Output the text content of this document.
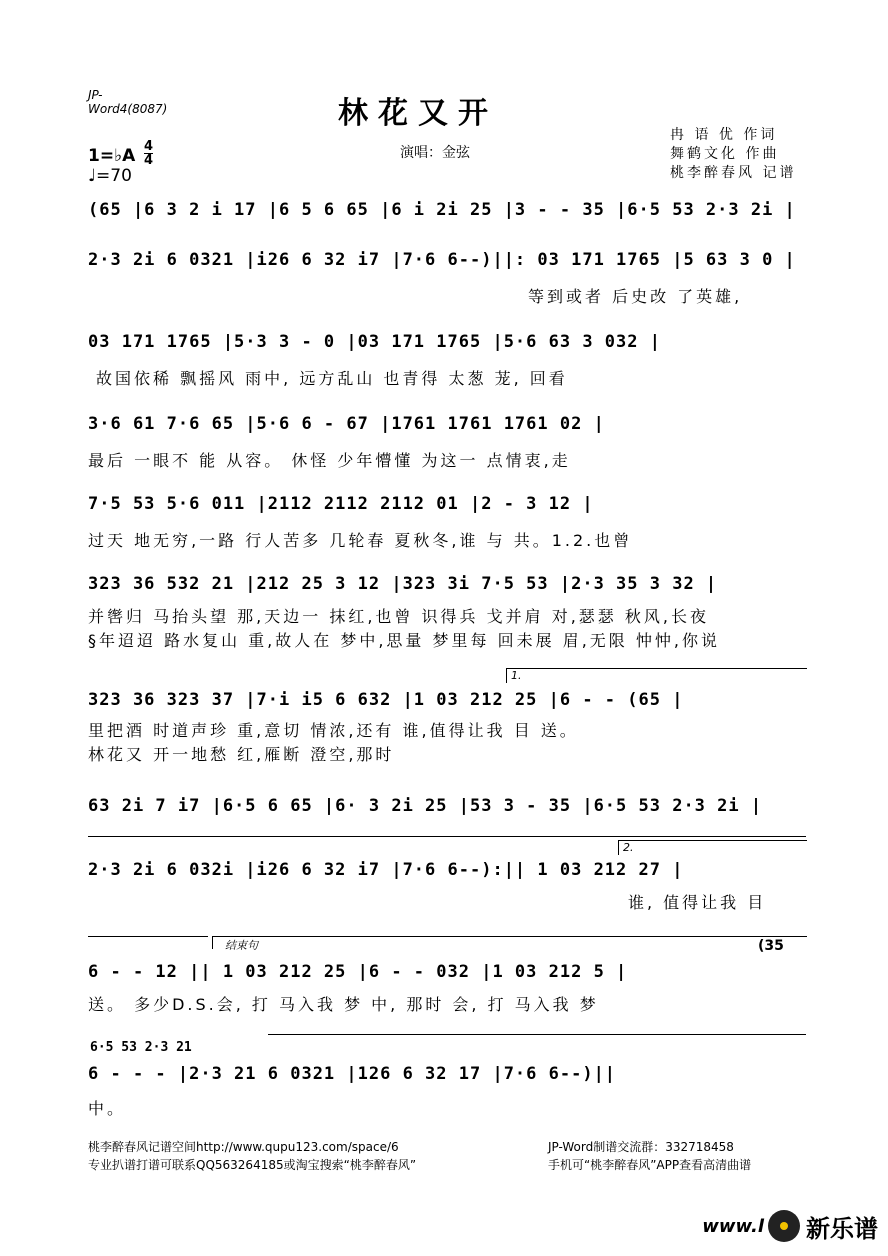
JP-Word4(8087)	林花又开
演唱：金弦
冉 语 优 作词
舞鹤文化 作曲
桃李醉春风 记谱
1=♭A 4
4
♩=70
(65 |6 3 2 i 17 |6 5 6 65 |6 i 2i 25 |3 - - 35 |6·5 53 2·3 2i |
2·3 2i 6 0321 |i26 6 32 i7 |7·6 6--)||: 03 171 1765 |5 63 3 0 |
等到或者 后史改 了英雄,
03 171 1765 |5·3 3 - 0 |03 171 1765 |5·6 63 3 032 |
故国依稀 飘摇风 雨中, 远方乱山 也青得 太葱 茏, 回看
3·6 61 7·6 65 |5·6 6 - 67 |1761 1761 1761 02 |
最后 一眼不 能 从容。 休怪 少年懵懂 为这一 点情衷,走
7·5 53 5·6 011 |2112 2112 2112 01 |2 - 3 12 |
过天 地无穷,一路 行人苦多 几轮春 夏秋冬,谁 与 共。1.2.也曾
323 36 532 21 |212 25 3 12 |323 3i 7·5 53 |2·3 35 3 32 |
并辔归 马抬头望 那,天边一 抹红,也曾 识得兵 戈并肩 对,瑟瑟 秋风,长夜
§年迢迢 路水复山 重,故人在 梦中,思量 梦里每 回未展 眉,无限 忡忡,你说
1.
323 36 323 37 |7·i i5 6 632 |1 03 212 25 |6 - - (65 |
里把酒 时道声珍 重,意切 情浓,还有 谁,值得让我 目 送。
林花又 开一地愁 红,雁断 澄空,那时
63 2i 7 i7 |6·5 6 65 |6· 3 2i 25 |53 3 - 35 |6·5 53 2·3 2i |
2.
2·3 2i 6 032i |i26 6 32 i7 |7·6 6--):|| 1 03 212 27 |
谁, 值得让我 目
结束句	(35
6 - - 12 || 1 03 212 25 |6 - - 032 |1 03 212 5 |
送。 多少D.S.会, 打 马入我 梦 中, 那时 会, 打 马入我 梦
6·5 53 2·3 21
6 - - - |2·3 21 6 0321 |126 6 32 17 |7·6 6--)||
中。
桃李醉春风记谱空间http://www.qupu123.com/space/6
专业扒谱打谱可联系QQ563264185或淘宝搜索“桃李醉春风”
JP-Word制谱交流群：332718458
手机可“桃李醉春风”APP查看高清曲谱
www.l 新乐谱
